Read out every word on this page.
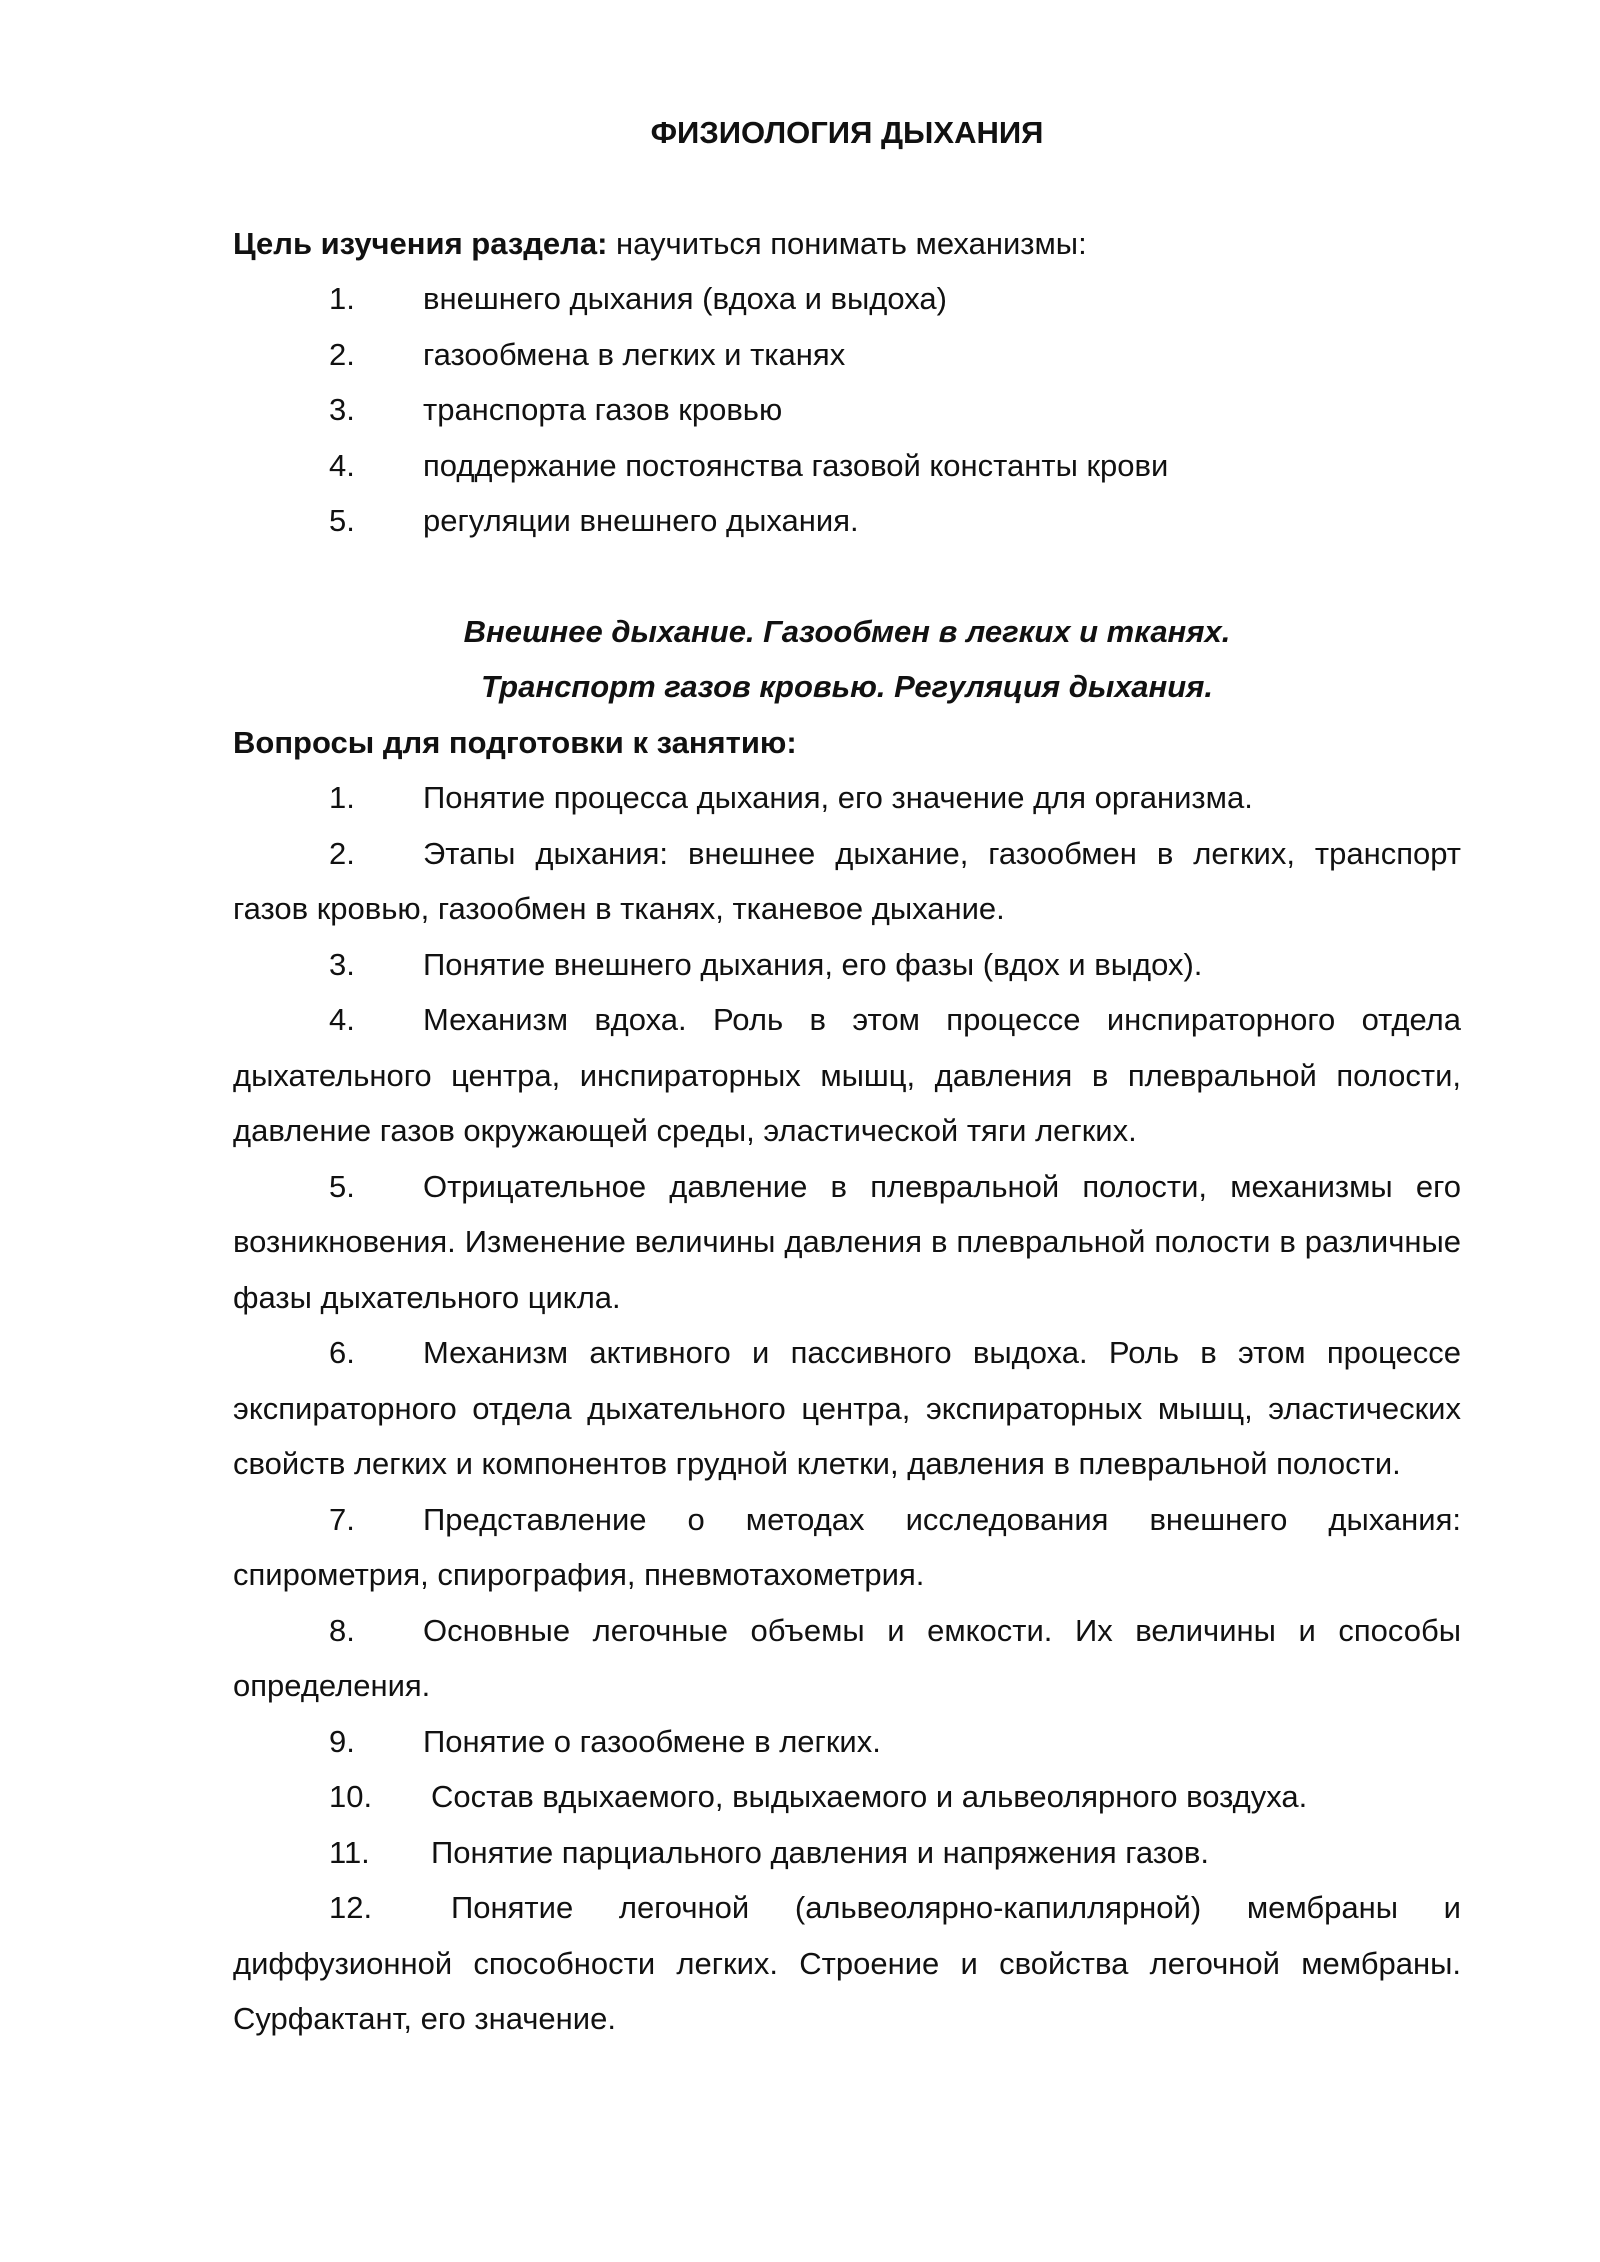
ФИЗИОЛОГИЯ ДЫХАНИЯ

Цель изучения раздела: научиться понимать механизмы:

1. внешнего дыхания (вдоха и выдоха)
2. газообмена в легких и тканях
3. транспорта газов кровью
4. поддержание постоянства газовой константы крови
5. регуляции внешнего дыхания.

Внешнее дыхание. Газообмен в легких и тканях.

Транспорт газов кровью. Регуляция дыхания.

Вопросы для подготовки к занятию:

1. Понятие процесса дыхания, его значение для организма.
2. Этапы дыхания: внешнее дыхание, газообмен в легких, транспорт газов кровью, газообмен в тканях, тканевое дыхание.
3. Понятие внешнего дыхания, его фазы (вдох и выдох).
4. Механизм вдоха. Роль в этом процессе инспираторного отдела дыхательного центра, инспираторных мышц, давления в плевральной полости, давление газов окружающей среды, эластической тяги легких.
5. Отрицательное давление в плевральной полости, механизмы его возникновения. Изменение величины давления в плевральной полости в различные фазы дыхательного цикла.
6. Механизм активного и пассивного выдоха. Роль в этом процессе экспираторного отдела дыхательного центра, экспираторных мышц, эластических свойств легких и компонентов грудной клетки, давления в плевральной полости.
7. Представление о методах исследования внешнего дыхания: спирометрия, спирография, пневмотахометрия.
8. Основные легочные объемы и емкости. Их величины и способы определения.
9. Понятие о газообмене в легких.
10. Состав вдыхаемого, выдыхаемого и альвеолярного воздуха.
11. Понятие парциального давления и напряжения газов.
12.	Понятие легочной (альвеолярно-капиллярной) мембраны и диффузионной способности легких. Строение и свойства легочной мембраны. Сурфактант, его значение.
